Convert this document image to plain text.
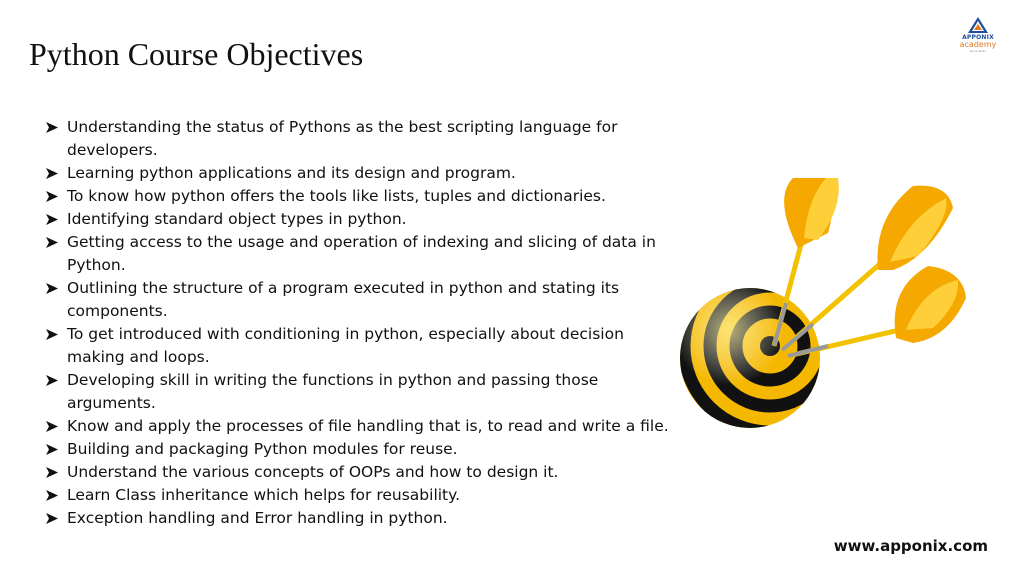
Python Course Objectives	APPONIX
academy
since 2011
Understanding the status of Pythons as the best scripting language for developers.
Learning python applications and its design and program.
To know how python offers the tools like lists, tuples and dictionaries.
Identifying standard object types in python.
Getting access to the usage and operation of indexing and slicing of data in Python.
Outlining the structure of a program executed in python and stating its components.
To get introduced with conditioning in python, especially about decision making and loops.
Developing skill in writing the functions in python and passing those arguments.
Know and apply the processes of file handling that is, to read and write a file.
Building and packaging Python modules for reuse.
Understand the various concepts of OOPs and how to design it.
Learn Class inheritance which helps for reusability.
Exception handling and Error handling in python.
www.apponix.com
